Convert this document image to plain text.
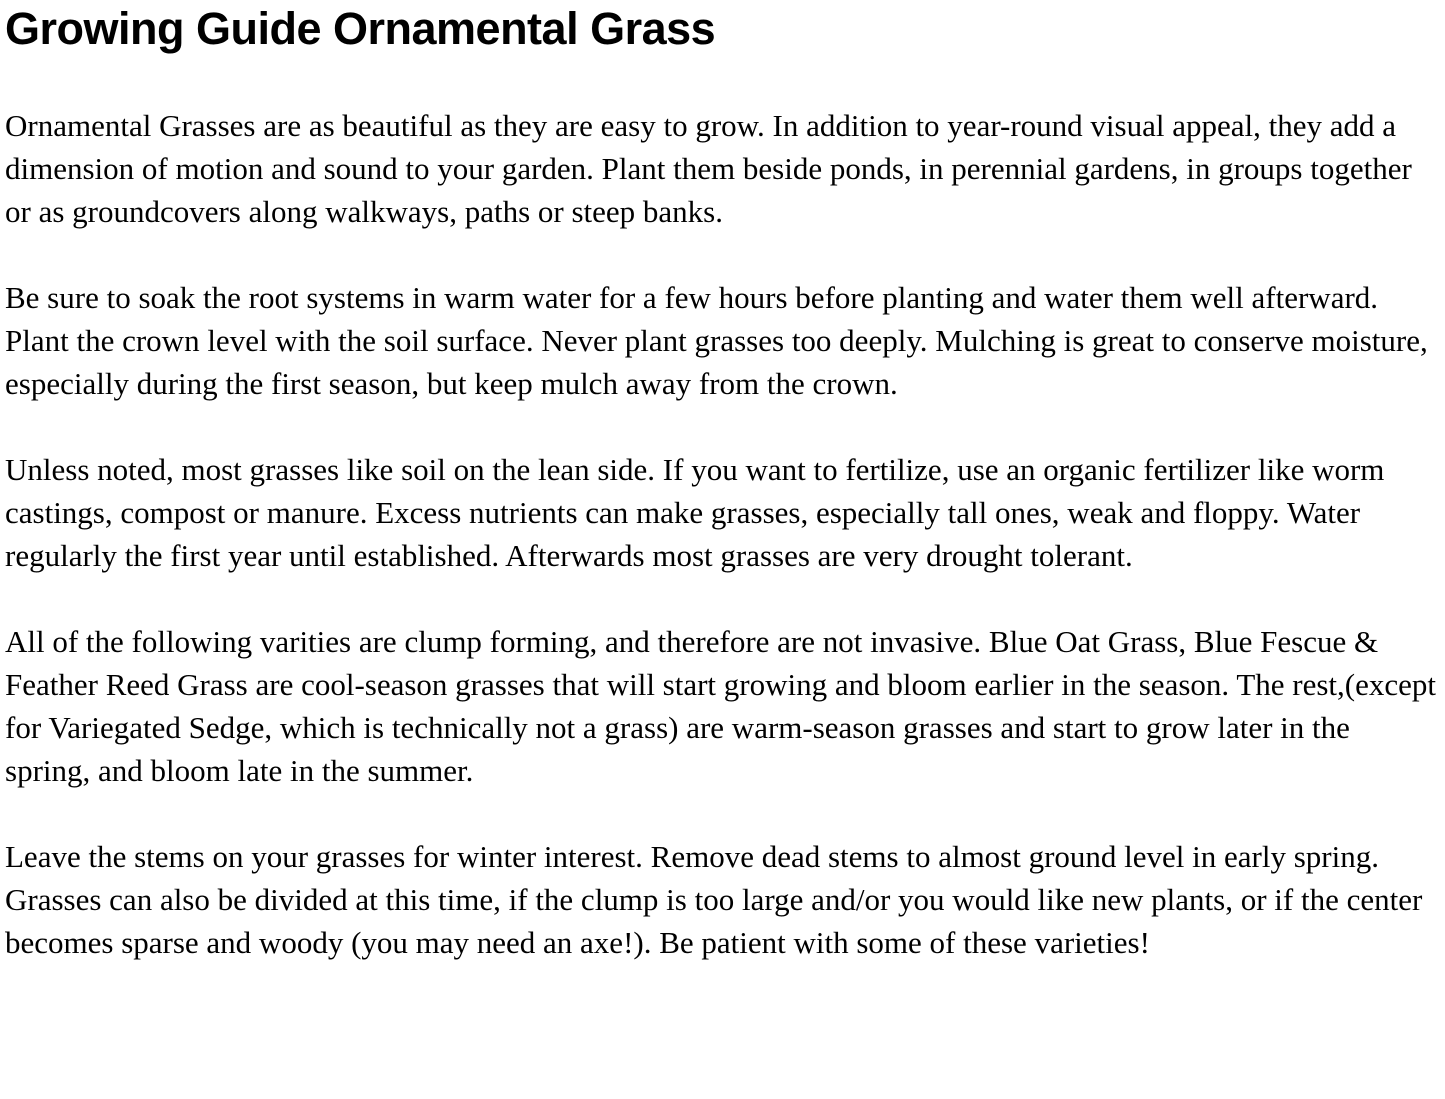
Growing Guide Ornamental Grass

Ornamental Grasses are as beautiful as they are easy to grow. In addition to year-round visual appeal, they add a dimension of motion and sound to your garden. Plant them beside ponds, in perennial gardens, in groups together or as groundcovers along walkways, paths or steep banks.

Be sure to soak the root systems in warm water for a few hours before planting and water them well afterward. Plant the crown level with the soil surface. Never plant grasses too deeply. Mulching is great to conserve moisture, especially during the first season, but keep mulch away from the crown.

Unless noted, most grasses like soil on the lean side. If you want to fertilize, use an organic fertilizer like worm castings, compost or manure. Excess nutrients can make grasses, especially tall ones, weak and floppy. Water regularly the first year until established. Afterwards most grasses are very drought tolerant.

All of the following varities are clump forming, and therefore are not invasive. Blue Oat Grass, Blue Fescue & Feather Reed Grass are cool-season grasses that will start growing and bloom earlier in the season. The rest,(except for Variegated Sedge, which is technically not a grass) are warm-season grasses and start to grow later in the spring, and bloom late in the summer.

Leave the stems on your grasses for winter interest. Remove dead stems to almost ground level in early spring. Grasses can also be divided at this time, if the clump is too large and/or you would like new plants, or if the center becomes sparse and woody (you may need an axe!). Be patient with some of these varieties!
